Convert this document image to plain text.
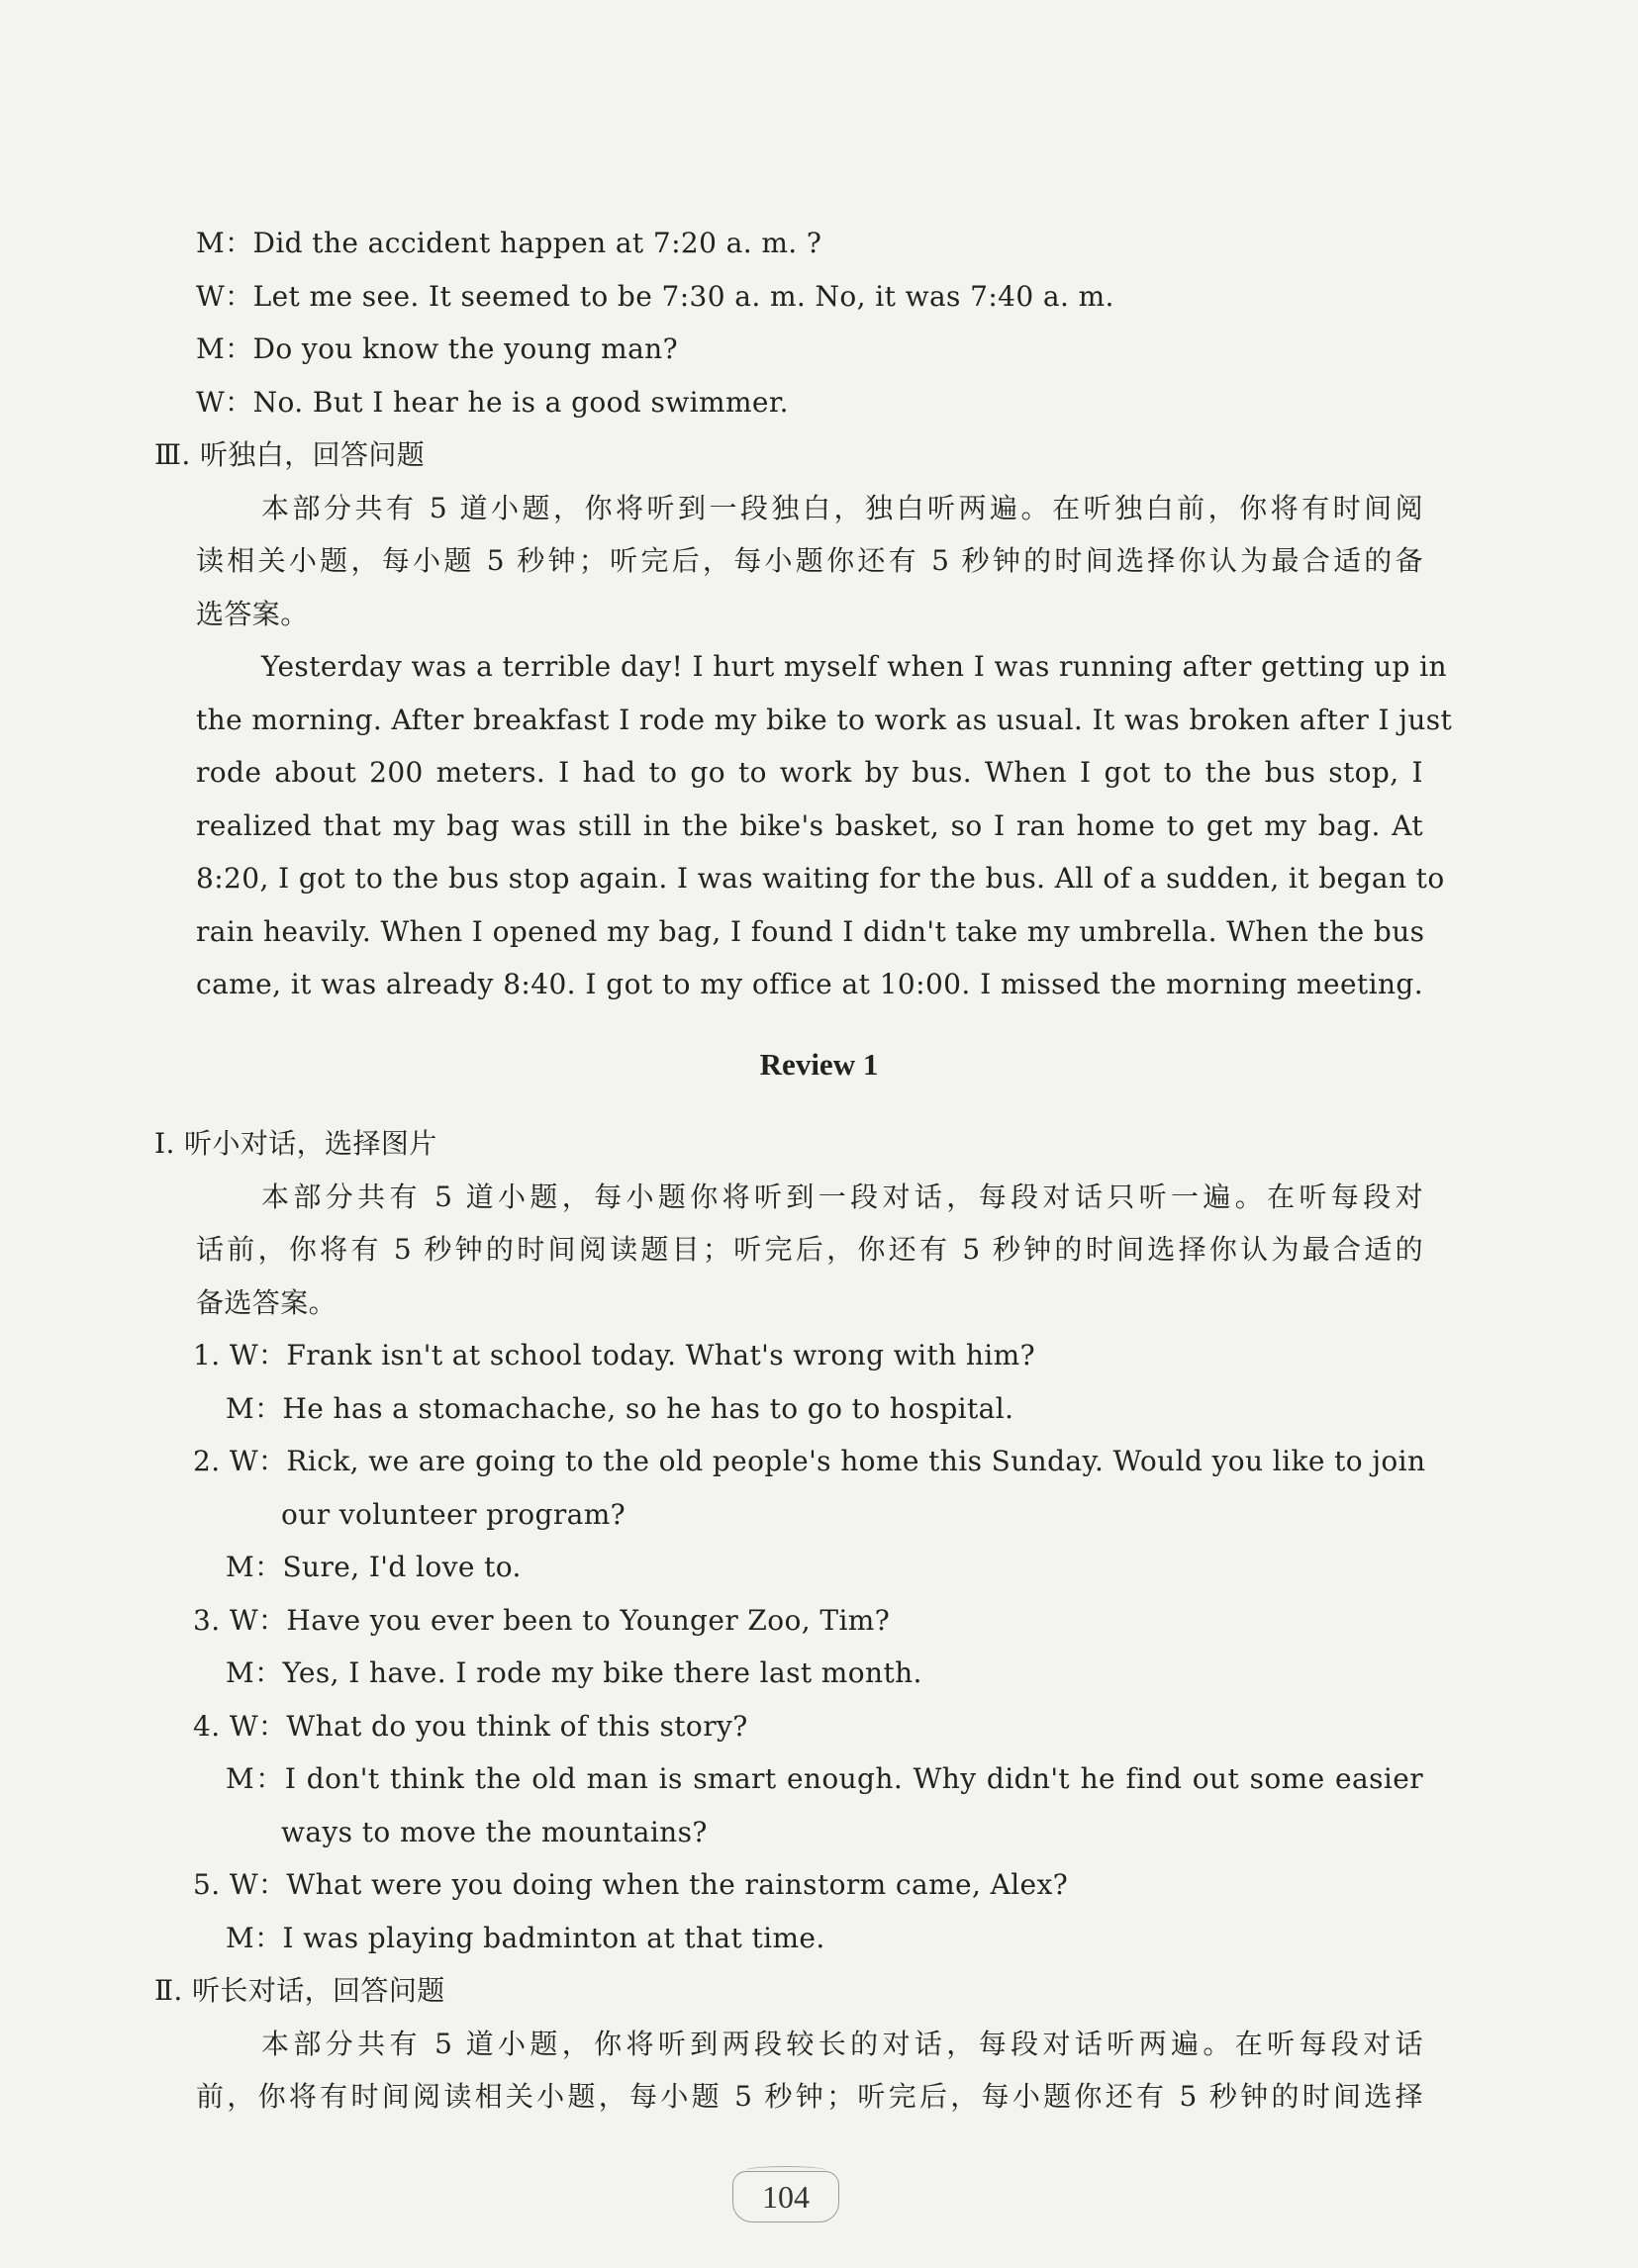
M：Did the accident happen at 7:20 a. m. ?
W：Let me see. It seemed to be 7:30 a. m. No, it was 7:40 a. m.
M：Do you know the young man?
W：No. But I hear he is a good swimmer.
Ⅲ. 听独白，回答问题
本部分共有 5 道小题，你将听到一段独白，独白听两遍。在听独白前，你将有时间阅
读相关小题，每小题 5 秒钟；听完后，每小题你还有 5 秒钟的时间选择你认为最合适的备
选答案。
Yesterday was a terrible day! I hurt myself when I was running after getting up in
the morning. After breakfast I rode my bike to work as usual. It was broken after I just
rode about 200 meters. I had to go to work by bus. When I got to the bus stop, I
realized that my bag was still in the bike's basket, so I ran home to get my bag. At
8:20, I got to the bus stop again. I was waiting for the bus. All of a sudden, it began to
rain heavily. When I opened my bag, I found I didn't take my umbrella. When the bus
came, it was already 8:40. I got to my office at 10:00. I missed the morning meeting.
Review 1
Ⅰ. 听小对话，选择图片
本部分共有 5 道小题，每小题你将听到一段对话，每段对话只听一遍。在听每段对
话前，你将有 5 秒钟的时间阅读题目；听完后，你还有 5 秒钟的时间选择你认为最合适的
备选答案。
1. W：Frank isn't at school today. What's wrong with him?
M：He has a stomachache, so he has to go to hospital.
2. W：Rick, we are going to the old people's home this Sunday. Would you like to join
our volunteer program?
M：Sure, I'd love to.
3. W：Have you ever been to Younger Zoo, Tim?
M：Yes, I have. I rode my bike there last month.
4. W：What do you think of this story?
M：I don't think the old man is smart enough. Why didn't he find out some easier
ways to move the mountains?
5. W：What were you doing when the rainstorm came, Alex?
M：I was playing badminton at that time.
Ⅱ. 听长对话，回答问题
本部分共有 5 道小题，你将听到两段较长的对话，每段对话听两遍。在听每段对话
前，你将有时间阅读相关小题，每小题 5 秒钟；听完后，每小题你还有 5 秒钟的时间选择
104
